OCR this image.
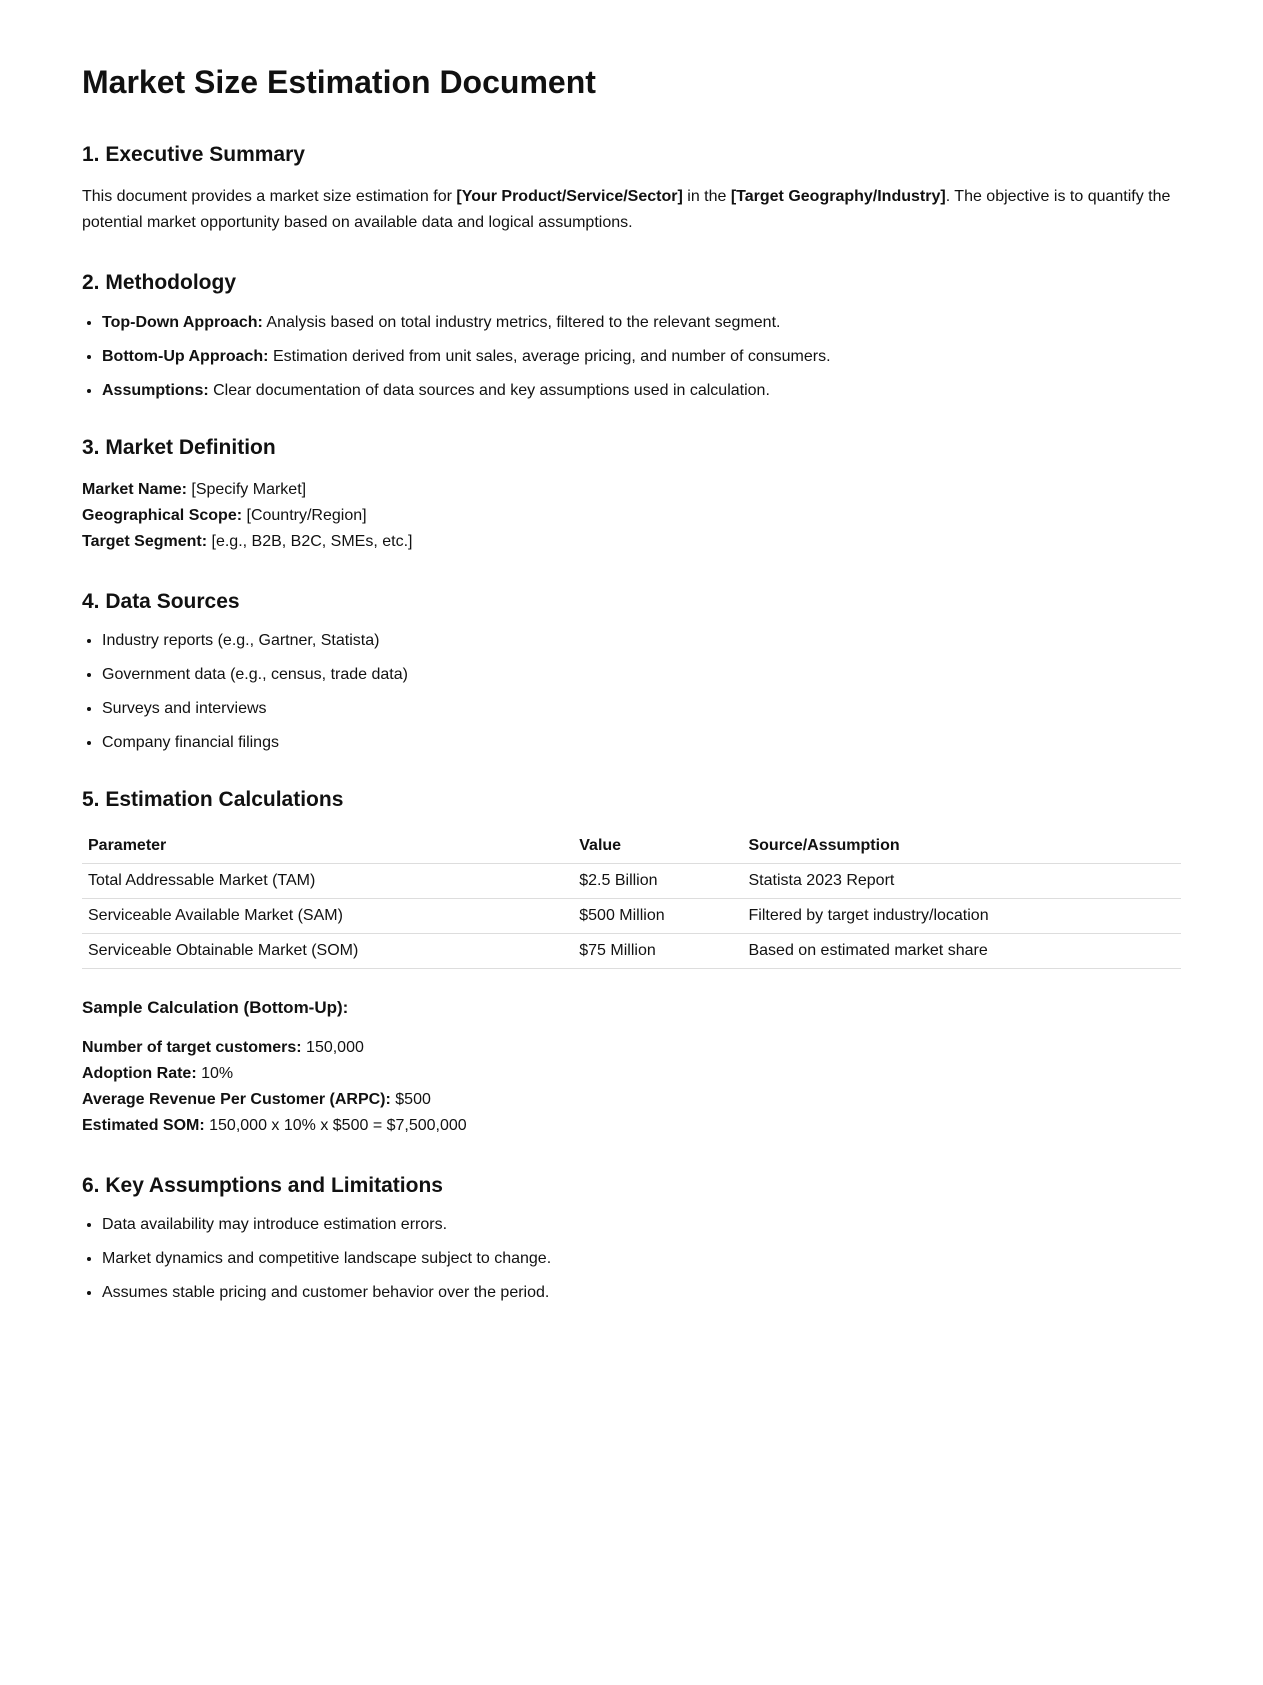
Market Size Estimation Document
1. Executive Summary

This document provides a market size estimation for [Your Product/Service/Sector] in the [Target Geography/Industry]. The objective is to quantify the potential market opportunity based on available data and logical assumptions.

2. Methodology
• Top-Down Approach: Analysis based on total industry metrics, filtered to the relevant segment.
• Bottom-Up Approach: Estimation derived from unit sales, average pricing, and number of consumers.
• Assumptions: Clear documentation of data sources and key assumptions used in calculation.
3. Market Definition

Market Name: [Specify Market]

Geographical Scope: [Country/Region]

Target Segment: [e.g., B2B, B2C, SMEs, etc.]

4. Data Sources
• Industry reports (e.g., Gartner, Statista)
• Government data (e.g., census, trade data)
• Surveys and interviews
• Company financial filings
5. Estimation Calculations
Parameter	Value	Source/Assumption
Total Addressable Market (TAM)	$2.5 Billion	Statista 2023 Report
Serviceable Available Market (SAM)	$500 Million	Filtered by target industry/location
Serviceable Obtainable Market (SOM)	$75 Million	Based on estimated market share
Sample Calculation (Bottom-Up):

Number of target customers: 150,000

Adoption Rate: 10%

Average Revenue Per Customer (ARPC): $500

Estimated SOM: 150,000 x 10% x $500 = $7,500,000

6. Key Assumptions and Limitations
• Data availability may introduce estimation errors.
• Market dynamics and competitive landscape subject to change.
• Assumes stable pricing and customer behavior over the period.
